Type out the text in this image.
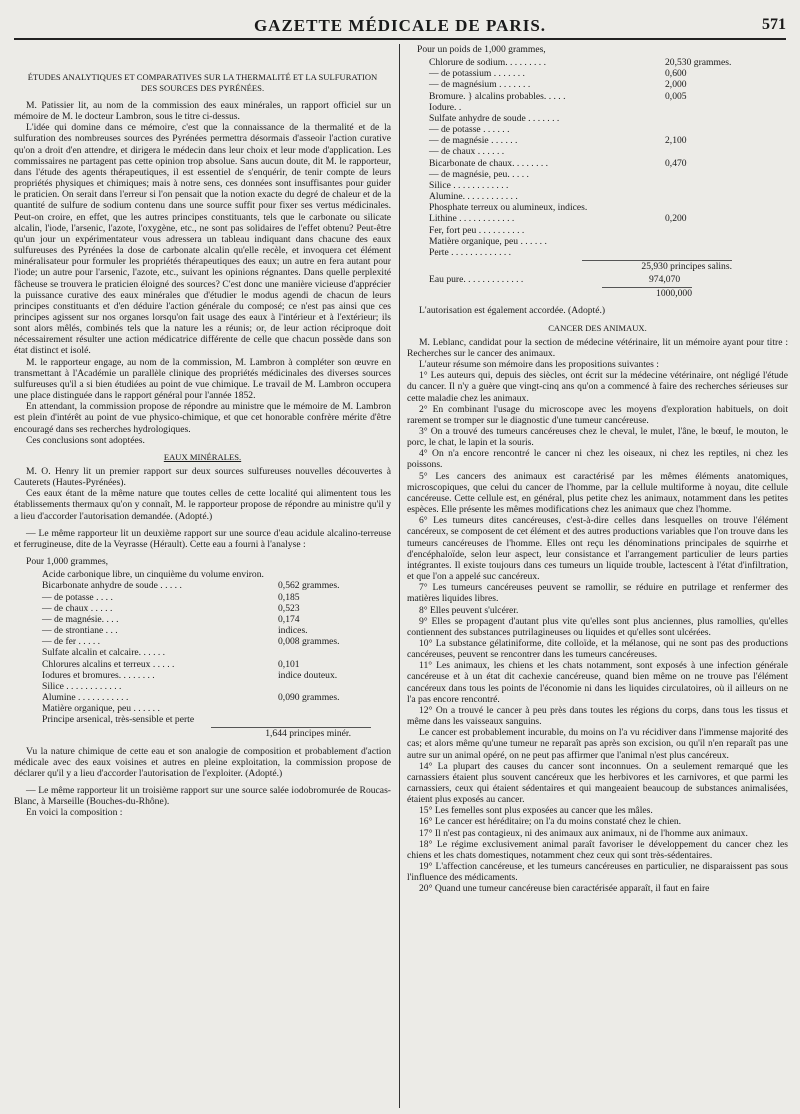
GAZETTE MÉDICALE DE PARIS.	571
ÉTUDES ANALYTIQUES ET COMPARATIVES SUR LA THERMALITÉ ET LA SULFURATION
DES SOURCES DES PYRÉNÉES.

M. Patissier lit, au nom de la commission des eaux minérales, un rapport officiel sur un mémoire de M. le docteur Lambron, sous le titre ci-dessus.

L'idée qui domine dans ce mémoire, c'est que la connaissance de la thermalité et de la sulfuration des nombreuses sources des Pyrénées permettra désormais d'asseoir l'action curative qu'on a droit d'en attendre, et dirigera le médecin dans leur choix et leur mode d'application. Les commissaires ne partagent pas cette opinion trop absolue. Sans aucun doute, dit M. le rapporteur, dans l'étude des agents thérapeutiques, il est essentiel de s'enquérir, de tenir compte de leurs propriétés physiques et chimiques; mais à notre sens, ces données sont insuffisantes pour guider le praticien. On serait dans l'erreur si l'on pensait que la notion exacte du degré de chaleur et de la quantité de sulfure de sodium contenu dans une source suffit pour fixer ses vertus médicinales. Peut-on croire, en effet, que les autres principes constituants, tels que le carbonate ou silicate alcalin, l'iode, l'arsenic, l'azote, l'oxygène, etc., ne sont pas solidaires de l'effet obtenu? Peut-être qu'un jour un expérimentateur vous adressera un tableau indiquant dans chacune des eaux sulfureuses des Pyrénées la dose de carbonate alcalin qu'elle recèle, et invoquera cet élément minéralisateur pour formuler les propriétés thérapeutiques des eaux; un autre en fera autant pour l'iode; un autre pour l'arsenic, l'azote, etc., suivant les opinions régnantes. Dans quelle perplexité fâcheuse se trouvera le praticien éloigné des sources? C'est donc une manière vicieuse d'apprécier la puissance curative des eaux minérales que d'étudier le modus agendi de chacun de leurs principes constituants et d'en déduire l'action générale du composé; ce n'est pas ainsi que ces principes agissent sur nos organes lorsqu'on fait usage des eaux à l'intérieur et à l'extérieur; ils sont alors mêlés, combinés tels que la nature les a réunis; or, de leur action réciproque doit nécessairement résulter une action médicatrice différente de celle que chacun possède dans son état distinct et isolé.

M. le rapporteur engage, au nom de la commission, M. Lambron à compléter son œuvre en transmettant à l'Académie un parallèle clinique des propriétés médicinales des diverses sources sulfureuses qu'il a si bien étudiées au point de vue chimique. Le travail de M. Lambron occupera une place distinguée dans le rapport général pour l'année 1852.

En attendant, la commission propose de répondre au ministre que le mémoire de M. Lambron est plein d'intérêt au point de vue physico-chimique, et que cet honorable confrère mérite d'être encouragé dans ses recherches hydrologiques.

Ces conclusions sont adoptées.

EAUX MINÉRALES.

M. O. Henry lit un premier rapport sur deux sources sulfureuses nouvelles découvertes à Cauterets (Hautes-Pyrénées).

Ces eaux étant de la même nature que toutes celles de cette localité qui alimentent tous les établissements thermaux qu'on y connaît, M. le rapporteur propose de répondre au ministre qu'il y a lieu d'accorder l'autorisation demandée. (Adopté.)

— Le même rapporteur lit un deuxième rapport sur une source d'eau acidule alcalino-terreuse et ferrugineuse, dite de la Veyrasse (Hérault). Cette eau a fourni à l'analyse :

Pour 1,000 grammes,

Acide carbonique libre, un cinquième du volume environ.	
Bicarbonate anhydre de soude . . . . .	0,562 grammes.
— de potasse . . . .	0,185
— de chaux . . . . .	0,523
— de magnésie. . . .	0,174
— de strontiane . . .	indices.
— de fer . . . . .	0,008 grammes.
Sulfate alcalin et calcaire. . . . . .	
Chlorures alcalins et terreux . . . . .	0,101
Iodures et bromures. . . . . . . .	indice douteux.
Silice . . . . . . . . . . . .	
Alumine . . . . . . . . . . .	0,090 grammes.
Matière organique, peu . . . . . .	
Principe arsenical, très-sensible et perte	
1,644 principes minér.

Vu la nature chimique de cette eau et son analogie de composition et probablement d'action médicale avec des eaux voisines et autres en pleine exploitation, la commission propose de déclarer qu'il y a lieu d'accorder l'autorisation de l'exploiter. (Adopté.)

— Le même rapporteur lit un troisième rapport sur une source salée iodobromurée de Roucas-Blanc, à Marseille (Bouches-du-Rhône).

En voici la composition :

Pour un poids de 1,000 grammes,

Chlorure de sodium. . . . . . . . .	20,530 grammes.
— de potassium . . . . . . .	0,600
— de magnésium . . . . . . .	2,000
Bromure. } alcalins probables. . . . .	0,005
Iodure. .	
Sulfate anhydre de soude . . . . . . .	
— de potasse . . . . . .	
— de magnésie . . . . . .	2,100
— de chaux . . . . . .	
Bicarbonate de chaux. . . . . . . .	0,470
— de magnésie, peu. . . . .	
Silice . . . . . . . . . . . .	
Alumine. . . . . . . . . . . .	
Phosphate terreux ou alumineux, indices.	
Lithine . . . . . . . . . . . .	0,200
Fer, fort peu . . . . . . . . . .	
Matière organique, peu . . . . . .	
Perte . . . . . . . . . . . . .	
25,930 principes salins.
Eau pure. . . . . . . . . . . . .	974,070
1000,000

L'autorisation est également accordée. (Adopté.)

CANCER DES ANIMAUX.

M. Leblanc, candidat pour la section de médecine vétérinaire, lit un mémoire ayant pour titre : Recherches sur le cancer des animaux.

L'auteur résume son mémoire dans les propositions suivantes :

1° Les auteurs qui, depuis des siècles, ont écrit sur la médecine vétérinaire, ont négligé l'étude du cancer. Il n'y a guère que vingt-cinq ans qu'on a commencé à faire des recherches sérieuses sur cette maladie chez les animaux.

2° En combinant l'usage du microscope avec les moyens d'exploration habituels, on doit rarement se tromper sur le diagnostic d'une tumeur cancéreuse.

3° On a trouvé des tumeurs cancéreuses chez le cheval, le mulet, l'âne, le bœuf, le mouton, le porc, le chat, le lapin et la souris.

4° On n'a encore rencontré le cancer ni chez les oiseaux, ni chez les reptiles, ni chez les poissons.

5° Les cancers des animaux est caractérisé par les mêmes éléments anatomiques, microscopiques, que celui du cancer de l'homme, par la cellule multiforme à noyau, dite cellule cancéreuse. Cette cellule est, en général, plus petite chez les animaux, notamment dans les petites espèces. Elle présente les mêmes modifications chez les animaux que chez l'homme.

6° Les tumeurs dites cancéreuses, c'est-à-dire celles dans lesquelles on trouve l'élément cancéreux, se composent de cet élément et des autres productions variables que l'on trouve dans les tumeurs cancéreuses de l'homme. Elles ont reçu les dénominations principales de squirrhe et d'encéphaloïde, selon leur aspect, leur consistance et l'arrangement particulier de leurs parties intégrantes. Il existe toujours dans ces tumeurs un liquide trouble, lactescent à l'état d'infiltration, et que l'on a appelé suc cancéreux.

7° Les tumeurs cancéreuses peuvent se ramollir, se réduire en putrilage et renfermer des matières liquides libres.

8° Elles peuvent s'ulcérer.

9° Elles se propagent d'autant plus vite qu'elles sont plus anciennes, plus ramollies, qu'elles contiennent des substances putrilagineuses ou liquides et qu'elles sont ulcérées.

10° La substance gélatiniforme, dite colloïde, et la mélanose, qui ne sont pas des productions cancéreuses, peuvent se rencontrer dans les tumeurs cancéreuses.

11° Les animaux, les chiens et les chats notamment, sont exposés à une infection générale cancéreuse et à un état dit cachexie cancéreuse, quand bien même on ne trouve pas l'élément cancéreux dans tous les points de l'économie ni dans les liquides circulatoires, où il ailleurs on ne l'a pas encore rencontré.

12° On a trouvé le cancer à peu près dans toutes les régions du corps, dans tous les tissus et même dans les vaisseaux sanguins.

Le cancer est probablement incurable, du moins on l'a vu récidiver dans l'immense majorité des cas; et alors même qu'une tumeur ne reparaît pas après son excision, ou qu'il n'en reparaît pas une autre sur un animal opéré, on ne peut pas affirmer que l'animal n'est plus cancéreux.

14° La plupart des causes du cancer sont inconnues. On a seulement remarqué que les carnassiers étaient plus souvent cancéreux que les herbivores et les carnivores, et que parmi les carnassiers, ceux qui étaient sédentaires et qui mangeaient beaucoup de substances animalisées, étaient plus exposés au cancer.

15° Les femelles sont plus exposées au cancer que les mâles.

16° Le cancer est héréditaire; on l'a du moins constaté chez le chien.

17° Il n'est pas contagieux, ni des animaux aux animaux, ni de l'homme aux animaux.

18° Le régime exclusivement animal paraît favoriser le développement du cancer chez les chiens et les chats domestiques, notamment chez ceux qui sont très-sédentaires.

19° L'affection cancéreuse, et les tumeurs cancéreuses en particulier, ne disparaissent pas sous l'influence des médicaments.

20° Quand une tumeur cancéreuse bien caractérisée apparaît, il faut en faire
